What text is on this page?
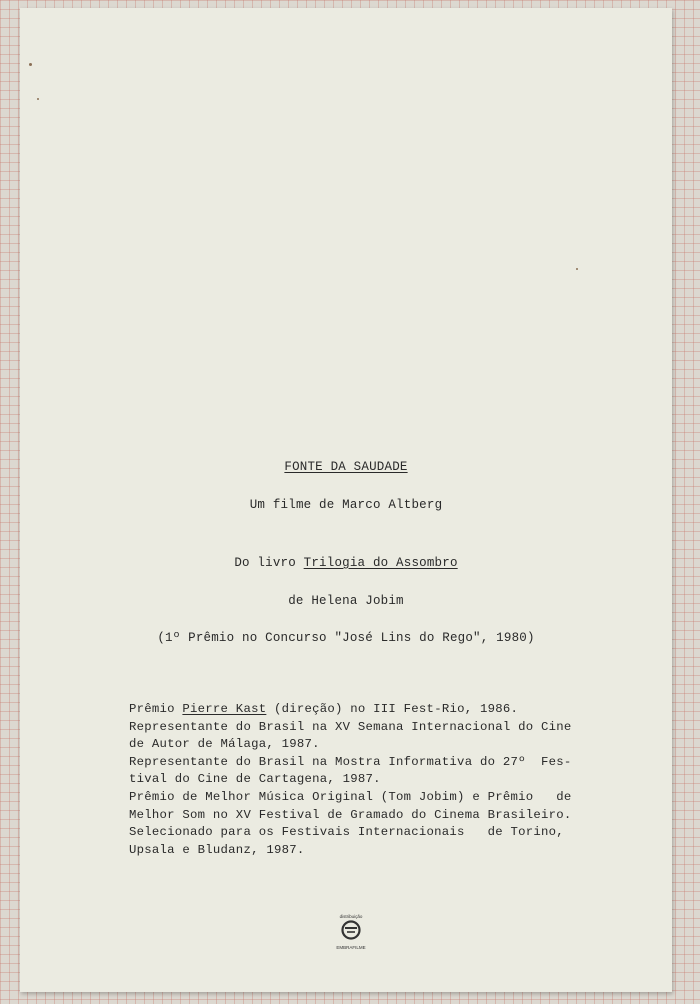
FONTE DA SAUDADE
Um filme de Marco Altberg
Do livro Trilogia do Assombro
de Helena Jobim
(1º Prêmio no Concurso "José Lins do Rego", 1980)
Prêmio Pierre Kast (direção) no III Fest-Rio, 1986.
Representante do Brasil na XV Semana Internacional do Cine
de Autor de Málaga, 1987.
Representante do Brasil na Mostra Informativa do 27º  Fes-
tival do Cine de Cartagena, 1987.
Prêmio de Melhor Música Original (Tom Jobim) e Prêmio   de
Melhor Som no XV Festival de Gramado do Cinema Brasileiro.
Selecionado para os Festivais Internacionais   de Torino,
Upsala e Bludanz, 1987.
distribuição
EMBRAFILME
